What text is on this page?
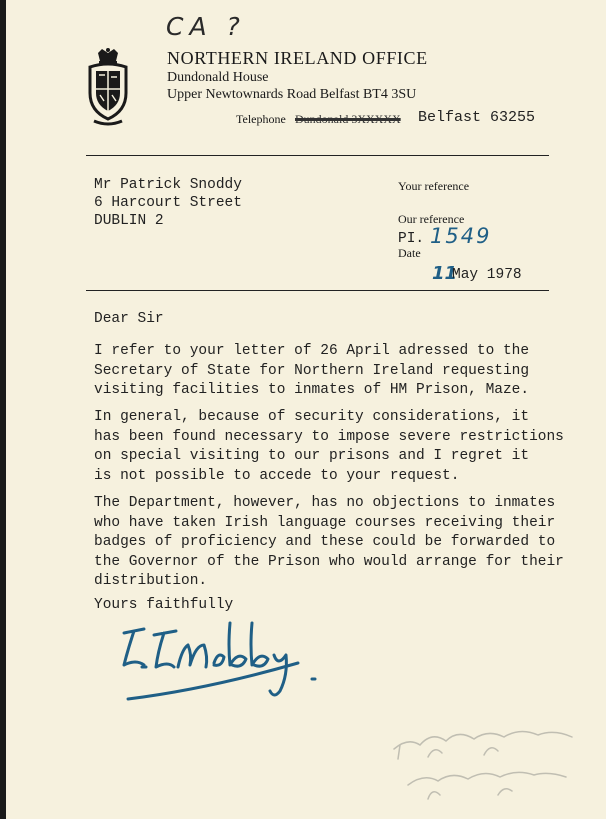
CA ?
NORTHERN IRELAND OFFICE
Dundonald House
Upper Newtownards Road Belfast BT4 3SU
Telephone Dundonald 3XXXXX Belfast 63255
Mr Patrick Snoddy
6 Harcourt Street
DUBLIN 2
Your reference
Our reference
PI. 1549
Date
11
May 1978
Dear Sir
I refer to your letter of 26 April adressed to the
Secretary of State for Northern Ireland requesting
visiting facilities to inmates of HM Prison, Maze.
In general, because of security considerations, it
has been found necessary to impose severe restrictions
on special visiting to our prisons and I regret it
is not possible to accede to your request.
The Department, however, has no objections to inmates
who have taken Irish language courses receiving their
badges of proficiency and these could be forwarded to
the Governor of the Prison who would arrange for their
distribution.
Yours faithfully
